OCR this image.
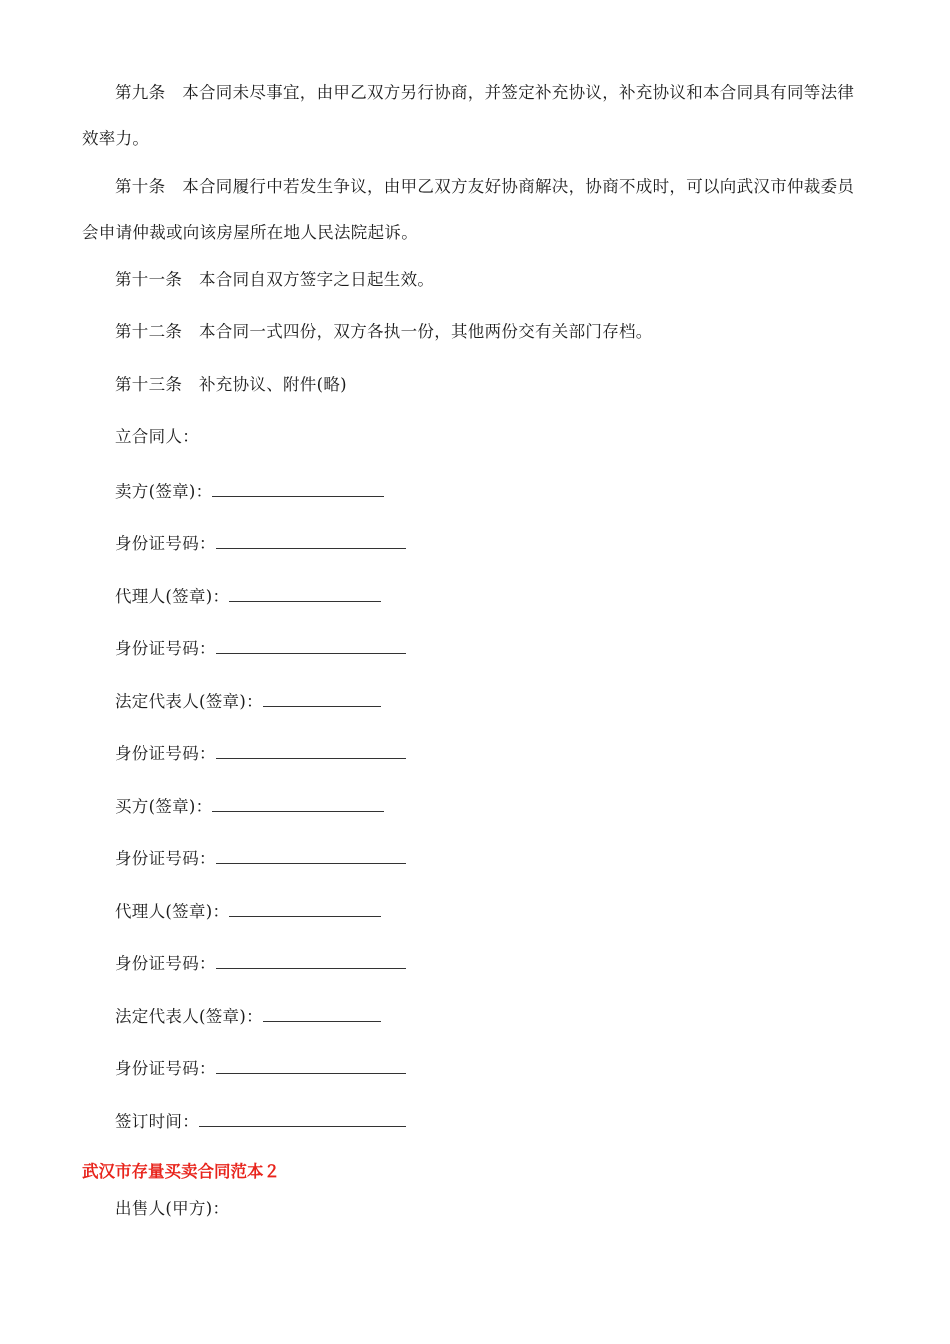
第九条　本合同未尽事宜，由甲乙双方另行协商，并签定补充协议，补充协议和本合同具有同等法律效率力。

第十条　本合同履行中若发生争议，由甲乙双方友好协商解决，协商不成时，可以向武汉市仲裁委员会申请仲裁或向该房屋所在地人民法院起诉。

第十一条　本合同自双方签字之日起生效。

第十二条　本合同一式四份，双方各执一份，其他两份交有关部门存档。

第十三条　补充协议、附件(略)

立合同人：

卖方(签章)：

身份证号码：

代理人(签章)：

身份证号码：

法定代表人(签章)：

身份证号码：

买方(签章)：

身份证号码：

代理人(签章)：

身份证号码：

法定代表人(签章)：

身份证号码：

签订时间：

武汉市存量买卖合同范本２

出售人(甲方)：
